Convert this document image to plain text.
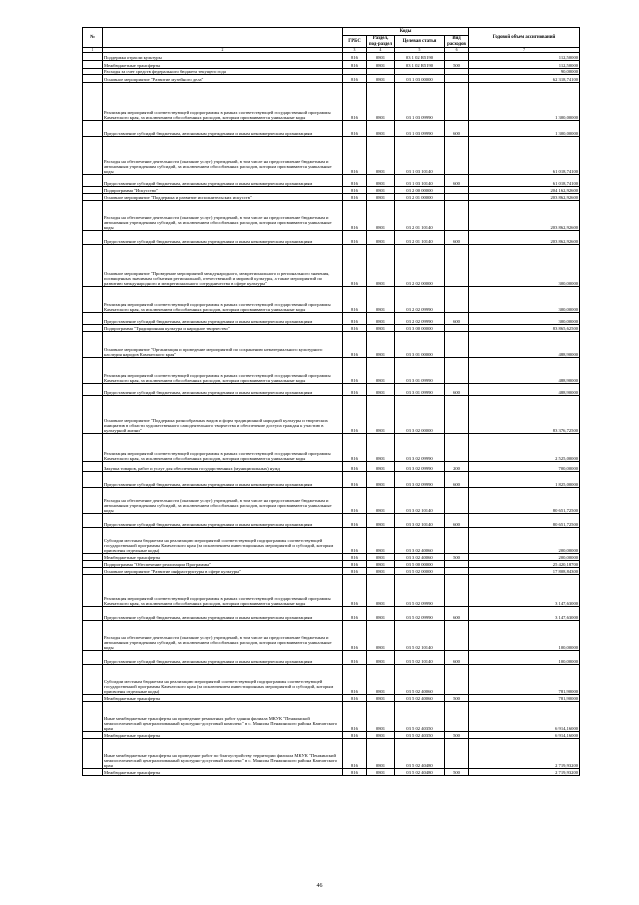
№		Коды				Годовой объем ассигнований
		ГРБС	Раздел, под-раздел	Целевая статья	Вид расходов	
1	2	3	4	5	6	7
	Поддержка отрасли культуры	816	0801	03 1 02 R5190		112,50000
	Межбюджетные трансферты	816	0801	03 1 02 R5190	500	112,50000
	Расходы за счет средств федерального бюджета текущего года					90,00000
	Основное мероприятие "Развитие музейного дела"	816	0801	03 1 03 00000		62 318,74100
	Реализация мероприятий соответствующей подпрограммы в рамках соответствующей государственной программы Камчатского края, за исключением обособленных расходов, которым присваиваются уникальные коды	816	0801	03 1 03 09990		1 300,00000
	Предоставление субсидий бюджетным, автономным учреждениям и иным некоммерческим организациям	816	0801	03 1 03 09990	600	1 300,00000
	Расходы на обеспечение деятельности (оказание услуг) учреждений, в том числе на предоставление бюджетным и автономным учреждениям субсидий, за исключением обособленных расходов, которым присваиваются уникальные коды	816	0801	03 1 03 10140		61 018,74100
	Предоставление субсидий бюджетным, автономным учреждениям и иным некоммерческим организациям	816	0801	03 1 03 10140	600	61 018,74100
	Подпрограмма "Искусство"	816	0801	03 2 00 00000		204 162,92600
	Основное мероприятие "Поддержка и развитие исполнительских искусств"	816	0801	03 2 01 00000		203 862,92600
	Расходы на обеспечение деятельности (оказание услуг) учреждений, в том числе на предоставление бюджетным и автономным учреждениям субсидий, за исключением обособленных расходов, которым присваиваются уникальные коды	816	0801	03 2 01 10140		203 862,92600
	Предоставление субсидий бюджетным, автономным учреждениям и иным некоммерческим организациям	816	0801	03 2 01 10140	600	203 862,92600
	Основное мероприятие "Проведение мероприятий международного, межрегионального и регионального значения, посвященных значимым событиям региональной, отечественной и мировой культуры, а также мероприятий по развитию международного и межрегионального сотрудничества в сфере культуры"	816	0801	03 2 02 00000		300,00000
	Реализация мероприятий соответствующей подпрограммы в рамках соответствующей государственной программы Камчатского края, за исключением обособленных расходов, которым присваиваются уникальные коды	816	0801	03 2 02 09990		300,00000
	Предоставление субсидий бюджетным, автономным учреждениям и иным некоммерческим организациям	816	0801	03 2 02 09990	600	300,00000
	Подпрограмма "Традиционная культура и народное творчество"	816	0801	03 3 00 00000		83 865,62500
	Основное мероприятие "Организация и проведение мероприятий по сохранению нематериального культурного наследия народов Камчатского края"	816	0801	03 3 01 00000		488,90000
	Реализация мероприятий соответствующей подпрограммы в рамках соответствующей государственной программы Камчатского края, за исключением обособленных расходов, которым присваиваются уникальные коды	816	0801	03 3 01 09990		488,90000
	Предоставление субсидий бюджетным, автономным учреждениям и иным некоммерческим организациям	816	0801	03 3 01 09990	600	488,90000
	Основное мероприятие "Поддержка разнообразных видов и форм традиционной народной культуры и творческих инициатив в области художественного самодеятельного творчества и обеспечение доступа граждан к участию в культурной жизни"	816	0801	03 3 02 00000		83 376,72500
	Реализация мероприятий соответствующей подпрограммы в рамках соответствующей государственной программы Камчатского края, за исключением обособленных расходов, которым присваиваются уникальные коды	816	0801	03 3 02 09990		2 525,00000
	Закупка товаров, работ и услуг для обеспечения государственных (муниципальных) нужд	816	0801	03 3 02 09990	200	700,00000
	Предоставление субсидий бюджетным, автономным учреждениям и иным некоммерческим организациям	816	0801	03 3 02 09990	600	1 825,00000
	Расходы на обеспечение деятельности (оказание услуг) учреждений, в том числе на предоставление бюджетным и автономным учреждениям субсидий, за исключением обособленных расходов, которым присваиваются уникальные коды	816	0801	03 3 02 10140		80 651,72500
	Предоставление субсидий бюджетным, автономным учреждениям и иным некоммерческим организациям	816	0801	03 3 02 10140	600	80 651,72500
	Субсидии местным бюджетам на реализацию мероприятий соответствующей подпрограммы соответствующей государственной программы Камчатского края (за исключением инвестиционных мероприятий и субсидий, которым присвоены отдельные коды)	816	0801	03 3 02 40060		200,00000
	Межбюджетные трансферты	816	0801	03 3 02 40060	500	200,00000
	Подпрограмма "Обеспечение реализации Программы"	816	0801	03 5 00 00000		25 420,18700
	Основное мероприятие "Развитие инфраструктуры в сфере культуры"	816	0801	03 5 02 00000		17 808,84300
	Реализация мероприятий соответствующей подпрограммы в рамках соответствующей государственной программы Камчатского края, за исключением обособленных расходов, которым присваиваются уникальные коды	816	0801	03 5 02 09990		3 147,63000
	Предоставление субсидий бюджетным, автономным учреждениям и иным некоммерческим организациям	816	0801	03 5 02 09990	600	3 147,63000
	Расходы на обеспечение деятельности (оказание услуг) учреждений, в том числе на предоставление бюджетным и автономным учреждениям субсидий, за исключением обособленных расходов, которым присваиваются уникальные коды	816	0801	03 5 02 10140		100,00000
	Предоставление субсидий бюджетным, автономным учреждениям и иным некоммерческим организациям	816	0801	03 5 02 10140	600	100,00000
	Субсидии местным бюджетам на реализацию мероприятий соответствующей подпрограммы соответствующей государственной программы Камчатского края (за исключением инвестиционных мероприятий и субсидий, которым присвоены отдельные коды)	816	0801	03 5 02 40060		781,90000
	Межбюджетные трансферты	816	0801	03 5 02 40060	500	781,90000
	Иные межбюджетные трансферты на проведение ремонтных работ здания филиала МКУК "Пенжинской межпоселенческий централизованный культурно-досуговый комплекс" в с. Манилы Пенжинского района Камчатского края	816	0801	03 5 02 40350		6 914,16000
	Межбюджетные трансферты	816	0801	03 5 02 40350	500	6 914,16000
	Иные межбюджетные трансферты на проведение работ по благоустройству территории филиала МКУК "Пенжинский межпоселенческий централизованный культурно-досуговый комплекс" в с. Манилы Пенжинского района Камчатского края	816	0801	03 5 02 40480		2 719,93200
	Межбюджетные трансферты	816	0801	03 5 02 40480	500	2 719,93200
46
